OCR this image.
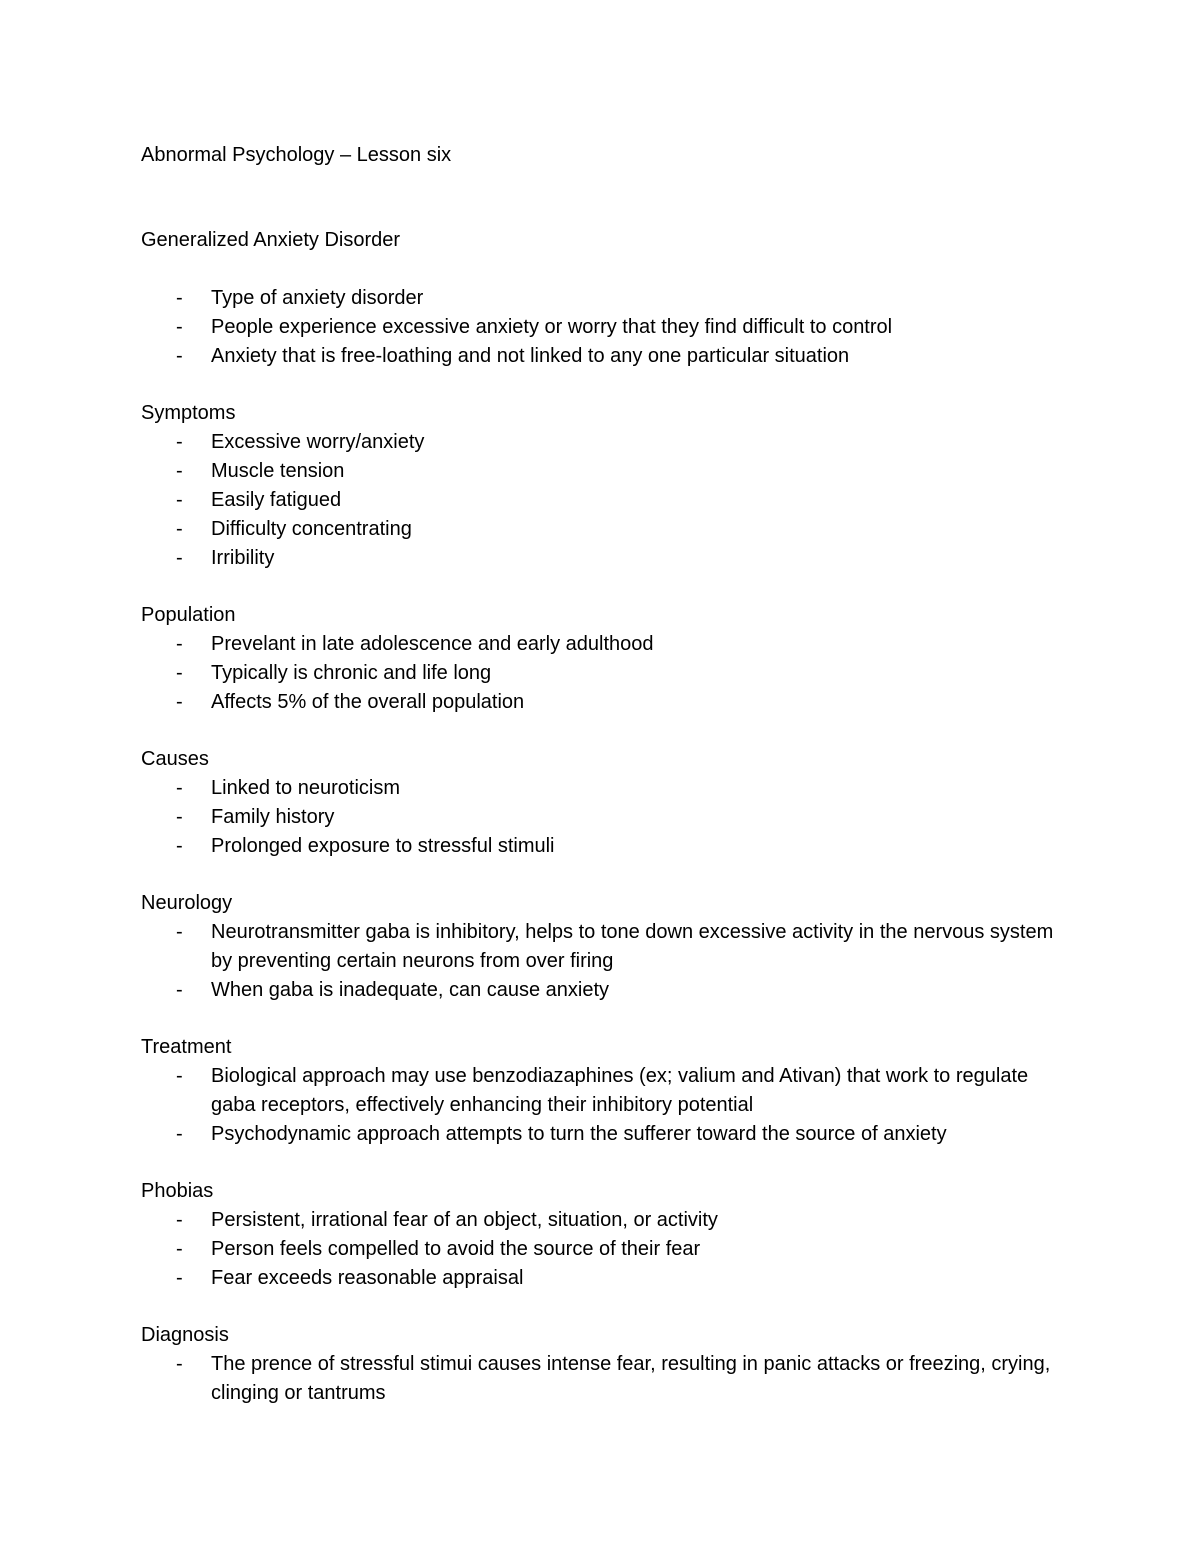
Abnormal Psychology – Lesson six
Generalized Anxiety Disorder
- Type of anxiety disorder
- People experience excessive anxiety or worry that they find difficult to control
- Anxiety that is free-loathing and not linked to any one particular situation
Symptoms
- Excessive worry/anxiety
- Muscle tension
- Easily fatigued
- Difficulty concentrating
- Irribility
Population
- Prevelant in late adolescence and early adulthood
- Typically is chronic and life long
- Affects 5% of the overall population
Causes
- Linked to neuroticism
- Family history
- Prolonged exposure to stressful stimuli
Neurology
- Neurotransmitter gaba is inhibitory, helps to tone down excessive activity in the nervous system by preventing certain neurons from over firing
- When gaba is inadequate, can cause anxiety
Treatment
- Biological approach may use benzodiazaphines (ex; valium and Ativan) that work to regulate gaba receptors, effectively enhancing their inhibitory potential
- Psychodynamic approach attempts to turn the sufferer toward the source of anxiety
Phobias
- Persistent, irrational fear of an object, situation, or activity
- Person feels compelled to avoid the source of their fear
- Fear exceeds reasonable appraisal
Diagnosis
- The prence of stressful stimui causes intense fear, resulting in panic attacks or freezing, crying, clinging or tantrums
